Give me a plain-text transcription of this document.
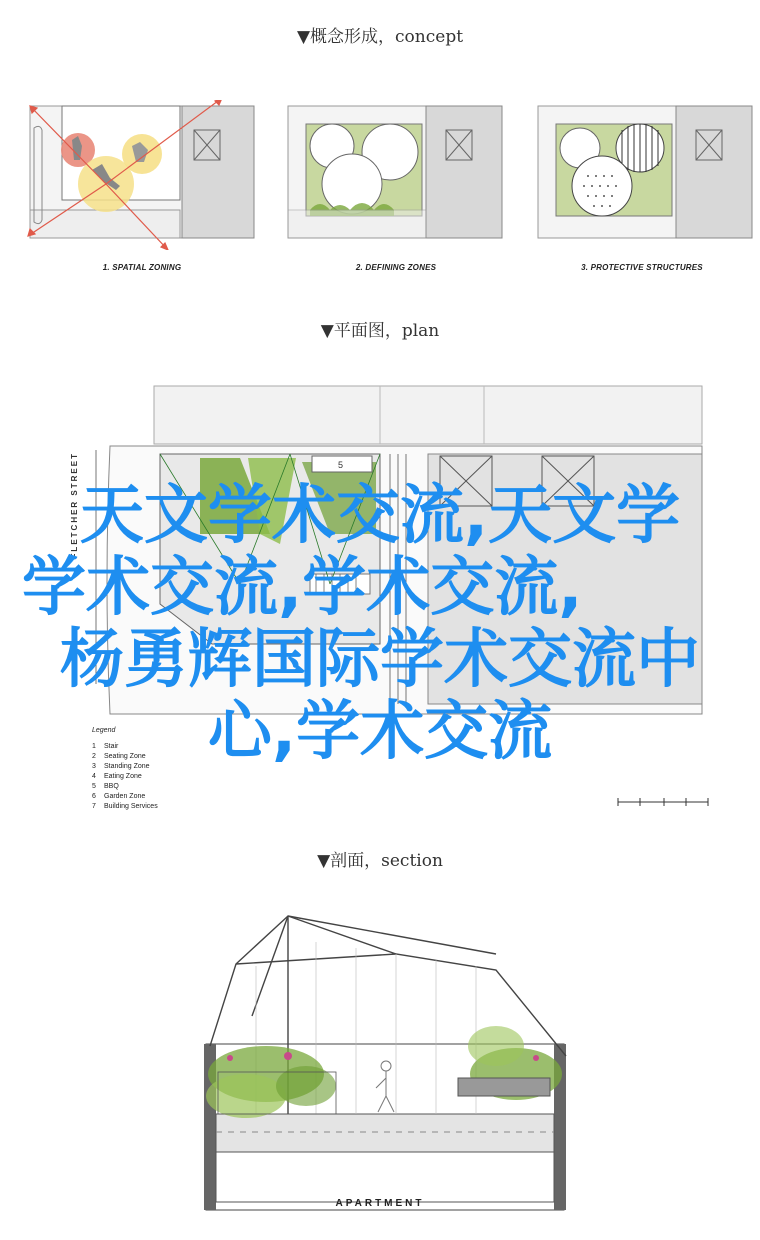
▼概念形成，concept
▼平面图，plan
▼剖面，section
1. SPATIAL ZONING	2. DEFINING ZONES	3. PROTECTIVE STRUCTURES
5
FLETCHER STREET
Legend
1 Stair
2 Seating Zone
3 Standing Zone
4 Eating Zone
5 BBQ
6 Garden Zone
7 Building Services
天文学术交流,天文学
学术交流,学术交流,
杨勇辉国际学术交流中
心,学术交流
APARTMENT
